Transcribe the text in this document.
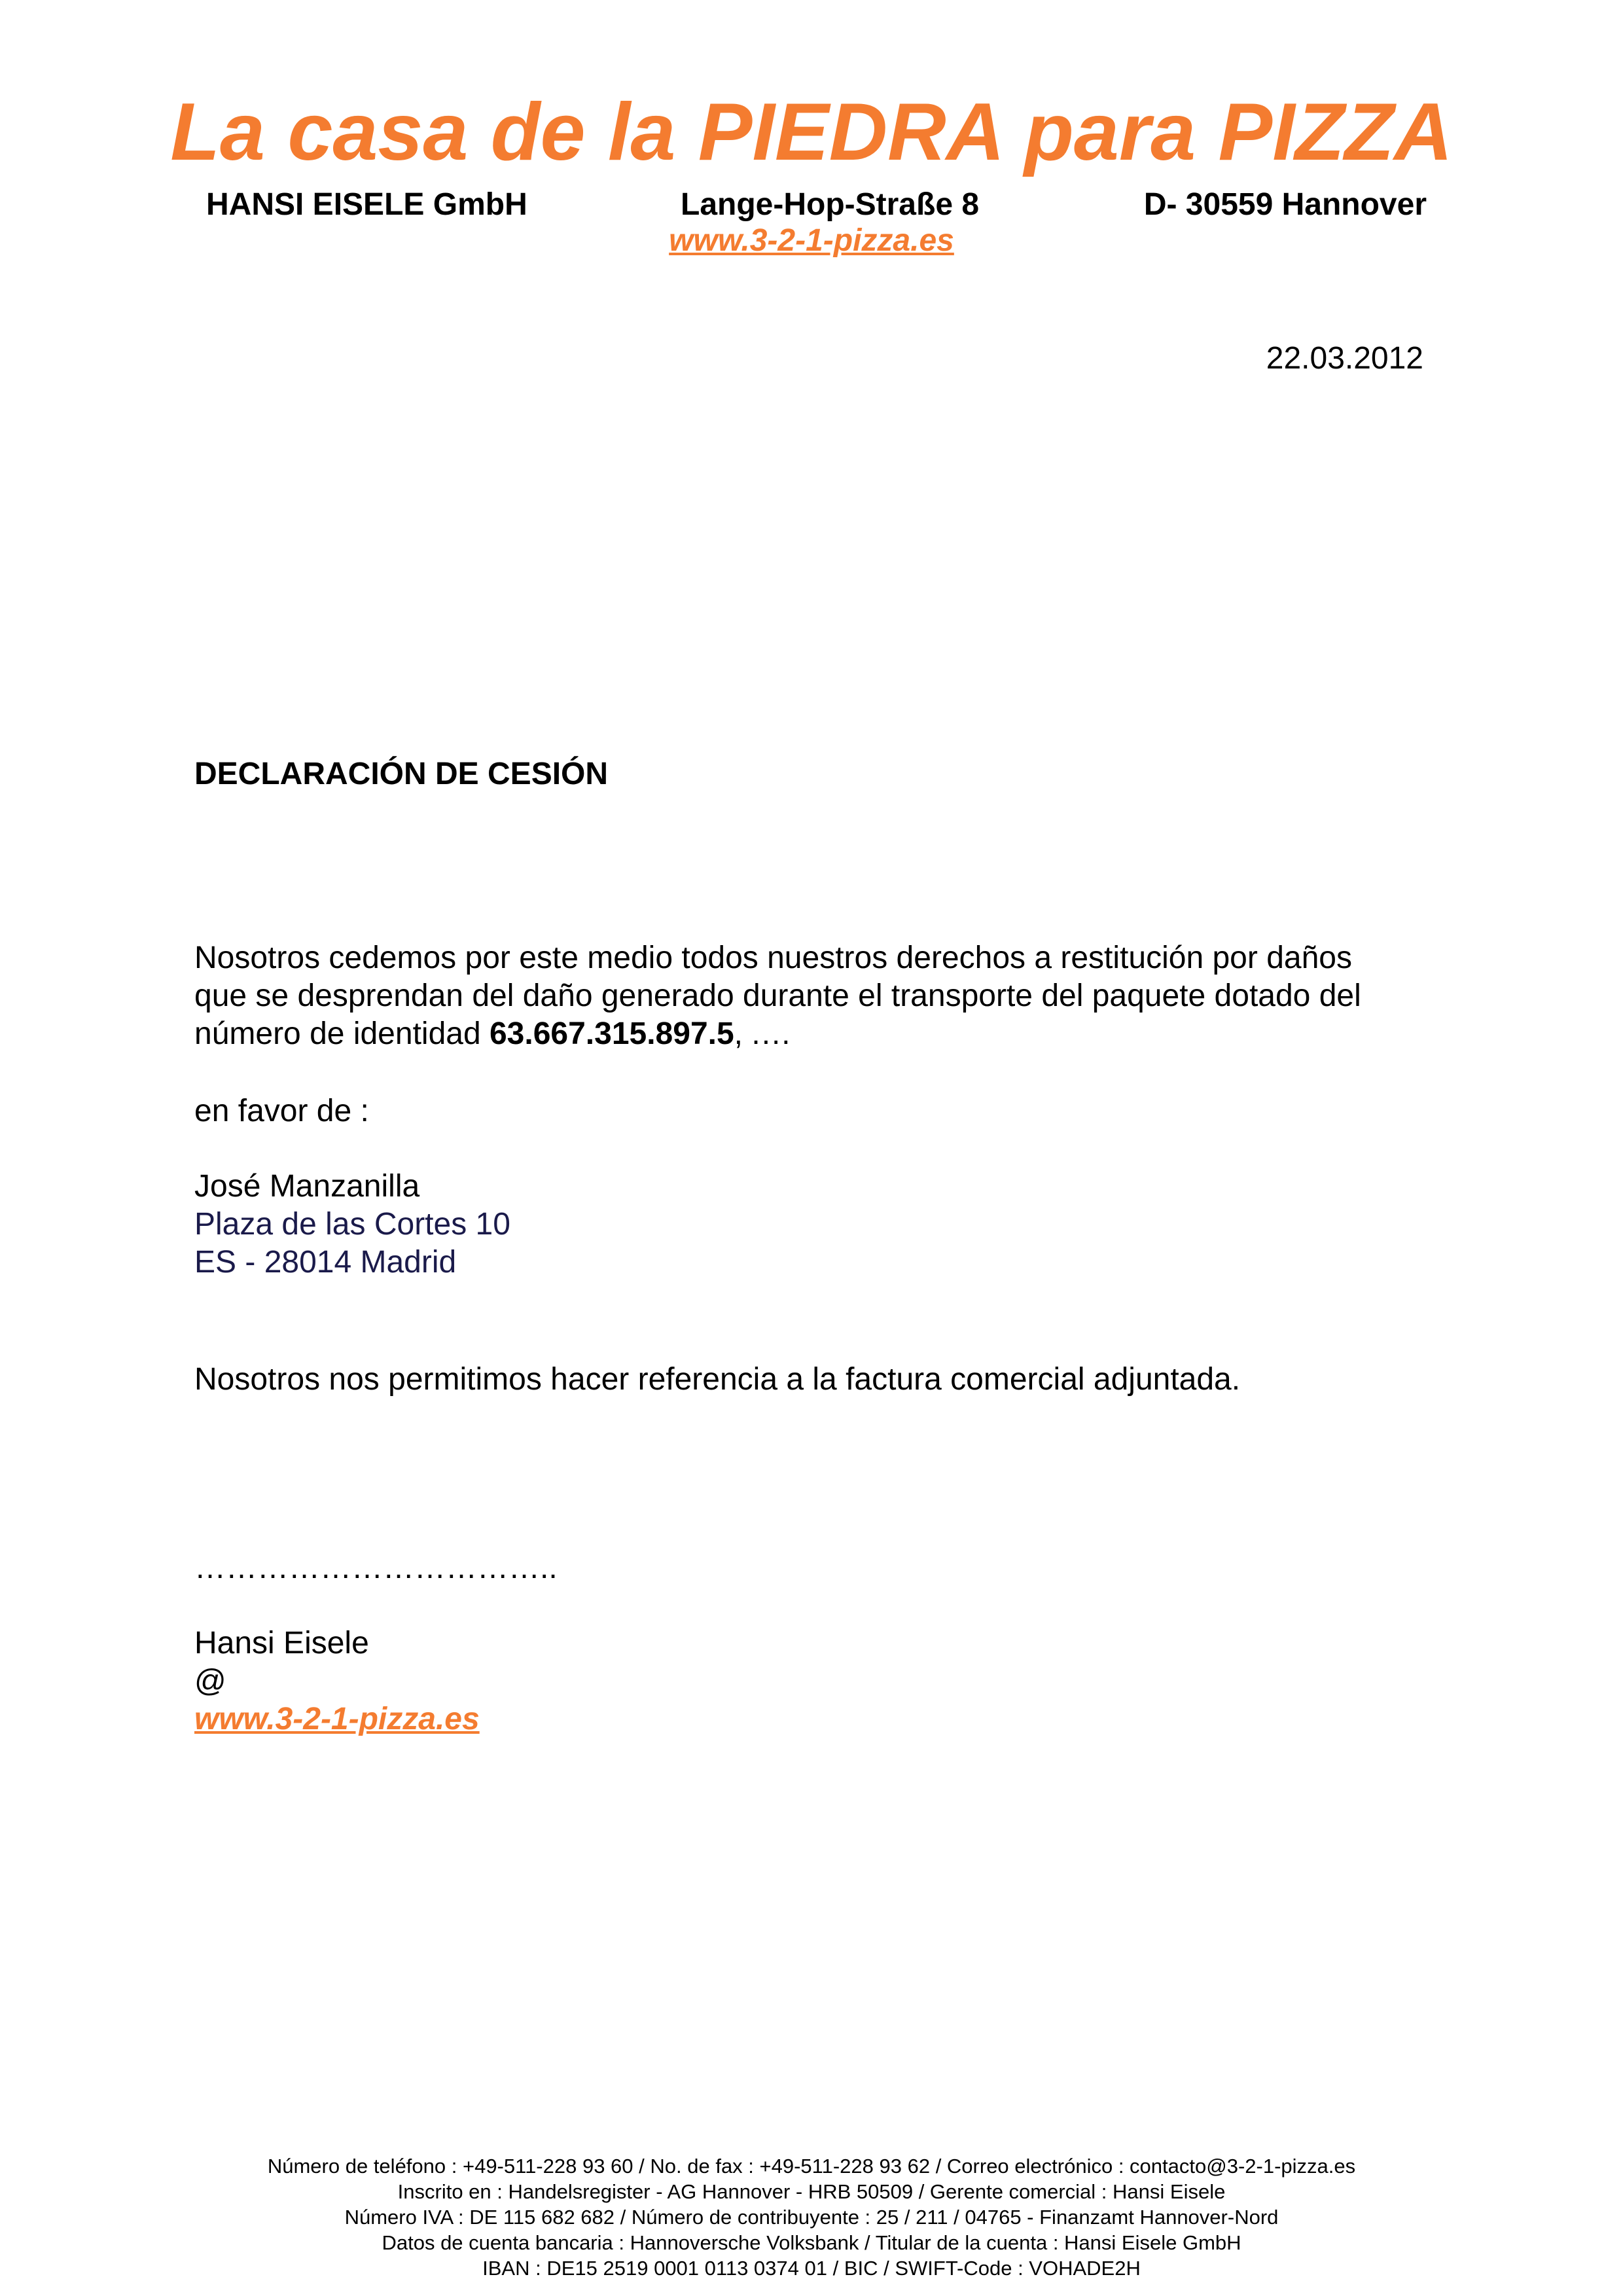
La casa de la PIEDRA para PIZZA
HANSI EISELE GmbH	Lange-Hop-Straße 8	D- 30559 Hannover
www.3-2-1-pizza.es
22.03.2012
DECLARACIÓN DE CESIÓN
Nosotros cedemos por este medio todos nuestros derechos a restitución por daños
que se desprendan del daño generado durante el transporte del paquete dotado del
número de identidad 63.667.315.897.5, .…
en favor de :
José Manzanilla
Plaza de las Cortes 10
ES - 28014 Madrid
Nosotros nos permitimos hacer referencia a la factura comercial adjuntada.
……………………………..
Hansi Eisele
@
www.3-2-1-pizza.es
Número de teléfono : +49-511-228 93 60 / No. de fax : +49-511-228 93 62 / Correo electrónico : contacto@3-2-1-pizza.es
Inscrito en : Handelsregister - AG Hannover - HRB 50509 / Gerente comercial : Hansi Eisele
Número IVA : DE 115 682 682 / Número de contribuyente : 25 / 211 / 04765 - Finanzamt Hannover-Nord
Datos de cuenta bancaria : Hannoversche Volksbank / Titular de la cuenta : Hansi Eisele GmbH
IBAN : DE15 2519 0001 0113 0374 01 / BIC / SWIFT-Code : VOHADE2H
